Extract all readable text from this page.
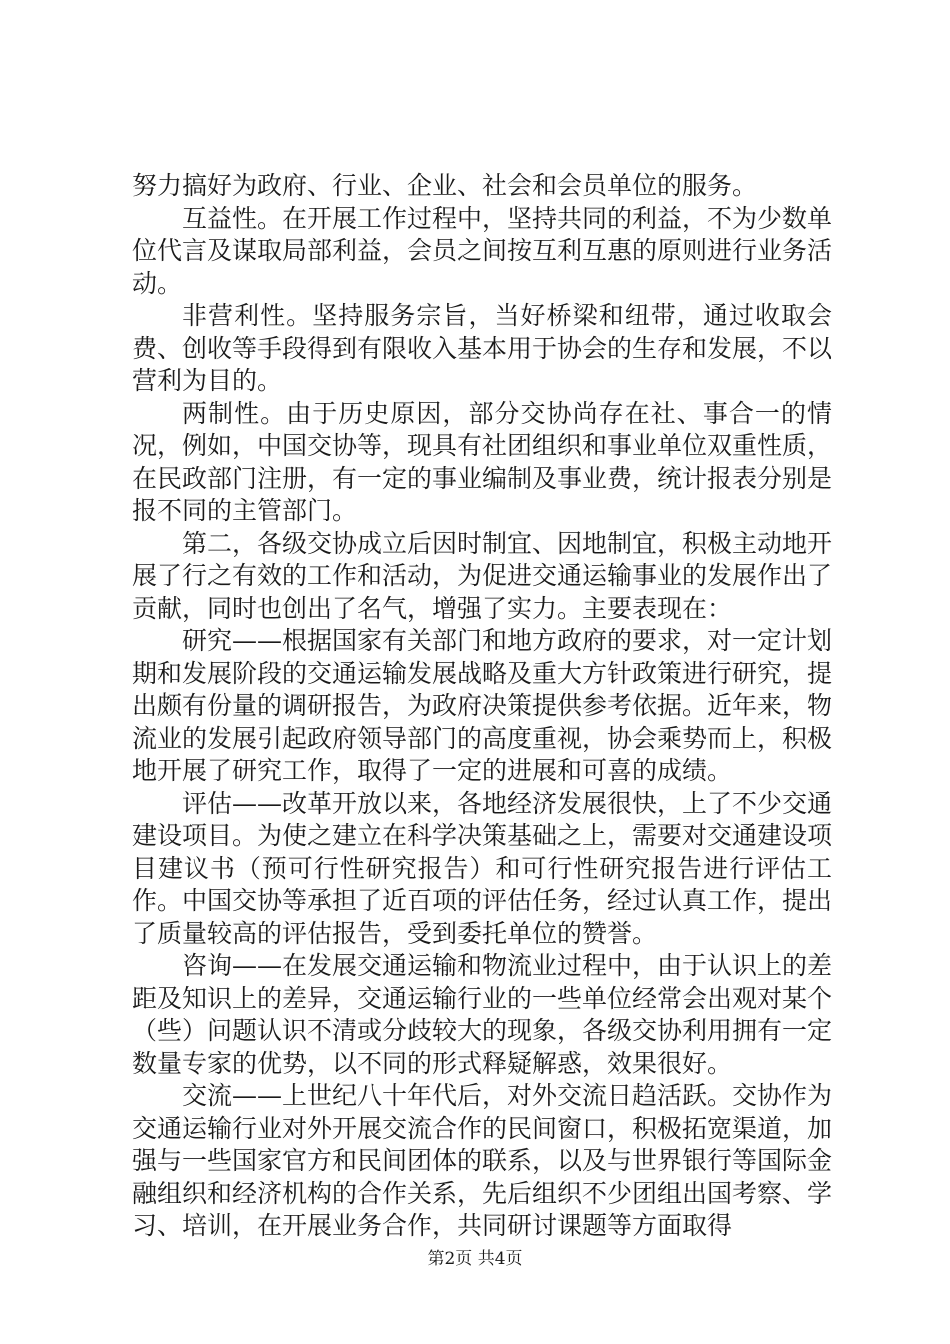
努力搞好为政府、行业、企业、社会和会员单位的服务。

互益性。在开展工作过程中，坚持共同的利益，不为少数单位代言及谋取局部利益，会员之间按互利互惠的原则进行业务活动。

非营利性。坚持服务宗旨，当好桥梁和纽带，通过收取会费、创收等手段得到有限收入基本用于协会的生存和发展，不以营利为目的。

两制性。由于历史原因，部分交协尚存在社、事合一的情况，例如，中国交协等，现具有社团组织和事业单位双重性质，在民政部门注册，有一定的事业编制及事业费，统计报表分别是报不同的主管部门。

第二，各级交协成立后因时制宜、因地制宜，积极主动地开展了行之有效的工作和活动，为促进交通运输事业的发展作出了贡献，同时也创出了名气，增强了实力。主要表现在：

研究——根据国家有关部门和地方政府的要求，对一定计划期和发展阶段的交通运输发展战略及重大方针政策进行研究，提出颇有份量的调研报告，为政府决策提供参考依据。近年来，物流业的发展引起政府领导部门的高度重视，协会乘势而上，积极地开展了研究工作，取得了一定的进展和可喜的成绩。

评估——改革开放以来，各地经济发展很快，上了不少交通建设项目。为使之建立在科学决策基础之上，需要对交通建设项目建议书（预可行性研究报告）和可行性研究报告进行评估工作。中国交协等承担了近百项的评估任务，经过认真工作，提出了质量较高的评估报告，受到委托单位的赞誉。

咨询——在发展交通运输和物流业过程中，由于认识上的差距及知识上的差异，交通运输行业的一些单位经常会出观对某个（些）问题认识不清或分歧较大的现象，各级交协利用拥有一定数量专家的优势，以不同的形式释疑解惑，效果很好。

交流——上世纪八十年代后，对外交流日趋活跃。交协作为交通运输行业对外开展交流合作的民间窗口，积极拓宽渠道，加强与一些国家官方和民间团体的联系，以及与世界银行等国际金融组织和经济机构的合作关系，先后组织不少团组出国考察、学习、培训，在开展业务合作，共同研讨课题等方面取得

第2页 共4页
